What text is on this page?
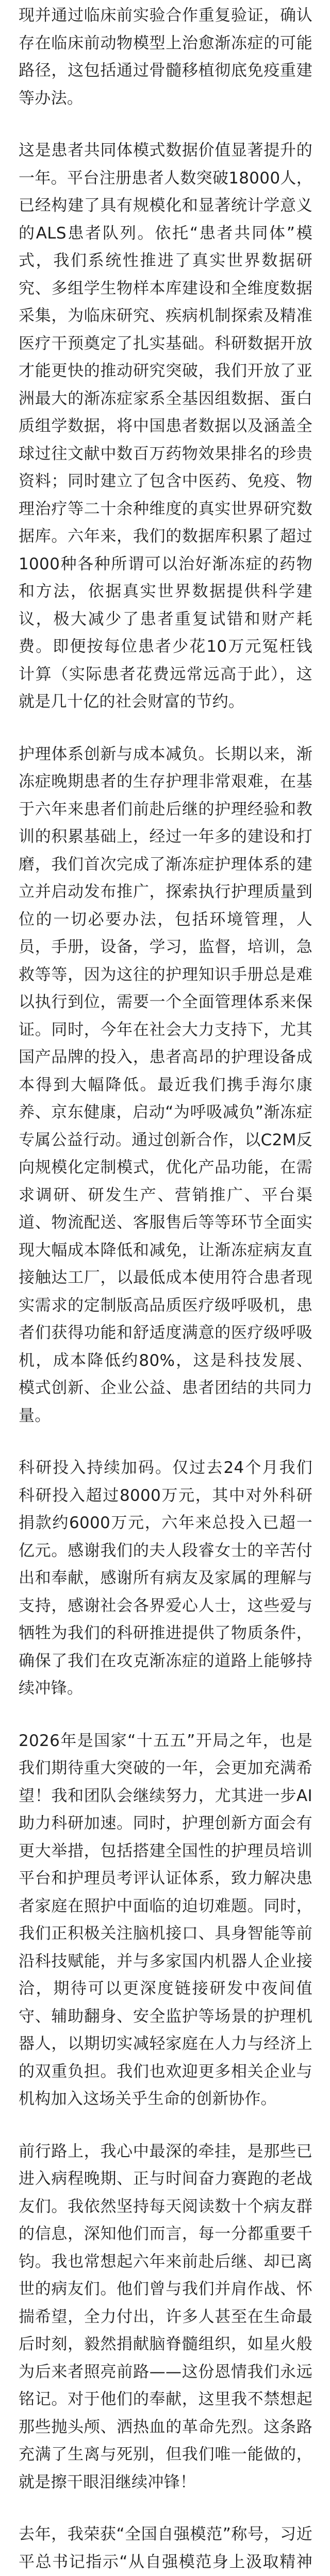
现并通过临床前实验合作重复验证，确认存在临床前动物模型上治愈渐冻症的可能路径，这包括通过骨髓移植彻底免疫重建等办法。

这是患者共同体模式数据价值显著提升的一年。平台注册患者人数突破18000人，已经构建了具有规模化和显著统计学意义的ALS患者队列。依托“患者共同体”模式，我们系统性推进了真实世界数据研究、多组学生物样本库建设和全维度数据采集，为临床研究、疾病机制探索及精准医疗干预奠定了扎实基础。科研数据开放才能更快的推动研究突破，我们开放了亚洲最大的渐冻症家系全基因组数据、蛋白质组学数据，将中国患者数据以及涵盖全球过往文献中数百万药物效果排名的珍贵资料；同时建立了包含中医药、免疫、物理治疗等二十余种维度的真实世界研究数据库。六年来，我们的数据库积累了超过1000种各种所谓可以治好渐冻症的药物和方法，依据真实世界数据提供科学建议，极大减少了患者重复试错和财产耗费。即便按每位患者少花10万元冤枉钱计算（实际患者花费远常远高于此），这就是几十亿的社会财富的节约。

护理体系创新与成本减负。长期以来，渐冻症晚期患者的生存护理非常艰难，在基于六年来患者们前赴后继的护理经验和教训的积累基础上，经过一年多的建设和打磨，我们首次完成了渐冻症护理体系的建立并启动发布推广，探索执行护理质量到位的一切必要办法，包括环境管理，人员，手册，设备，学习，监督，培训，急救等等，因为这往的护理知识手册总是难以执行到位，需要一个全面管理体系来保证。同时，今年在社会大力支持下，尤其国产品牌的投入，患者高昂的护理设备成本得到大幅降低。最近我们携手海尔康养、京东健康，启动“为呼吸减负”渐冻症专属公益行动。通过创新合作，以C2M反向规模化定制模式，优化产品功能，在需求调研、研发生产、营销推广、平台渠道、物流配送、客服售后等等环节全面实现大幅成本降低和减免，让渐冻症病友直接触达工厂，以最低成本使用符合患者现实需求的定制版高品质医疗级呼吸机，患者们获得功能和舒适度满意的医疗级呼吸机，成本降低约80%，这是科技发展、模式创新、企业公益、患者团结的共同力量。

科研投入持续加码。仅过去24个月我们科研投入超过8000万元，其中对外科研捐款约6000万元，六年来总投入已超一亿元。感谢我们的夫人段睿女士的辛苦付出和奉献，感谢所有病友及家属的理解与支持，感谢社会各界爱心人士，这些爱与牺牲为我们的科研推进提供了物质条件，确保了我们在攻克渐冻症的道路上能够持续冲锋。

2026年是国家“十五五”开局之年，也是我们期待重大突破的一年，会更加充满希望！我和团队会继续努力，尤其进一步AI助力科研加速。同时，护理创新方面会有更大举措，包括搭建全国性的护理员培训平台和护理员考评认证体系，致力解决患者家庭在照护中面临的迫切难题。同时，我们正积极关注脑机接口、具身智能等前沿科技赋能，并与多家国内机器人企业接洽，期待可以更深度链接研发中夜间值守、辅助翻身、安全监护等场景的护理机器人，以期切实减轻家庭在人力与经济上的双重负担。我们也欢迎更多相关企业与机构加入这场关乎生命的创新协作。

前行路上，我心中最深的牵挂，是那些已进入病程晚期、正与时间奋力赛跑的老战友们。我依然坚持每天阅读数十个病友群的信息，深知他们而言，每一分都重要千钧。我也常想起六年来前赴后继、却已离世的病友们。他们曾与我们并肩作战、怀揣希望，全力付出，许多人甚至在生命最后时刻，毅然捐献脑脊髓组织，如星火般为后来者照亮前路——这份恩情我们永远铭记。对于他们的奉献，这里我不禁想起那些抛头颅、洒热血的革命先烈。这条路充满了生离与死别，但我们唯一能做的，就是擦干眼泪继续冲锋！

去年，我荣获“全国自强模范”称号，习近平总书记指示“从自强模范身上汲取精神
